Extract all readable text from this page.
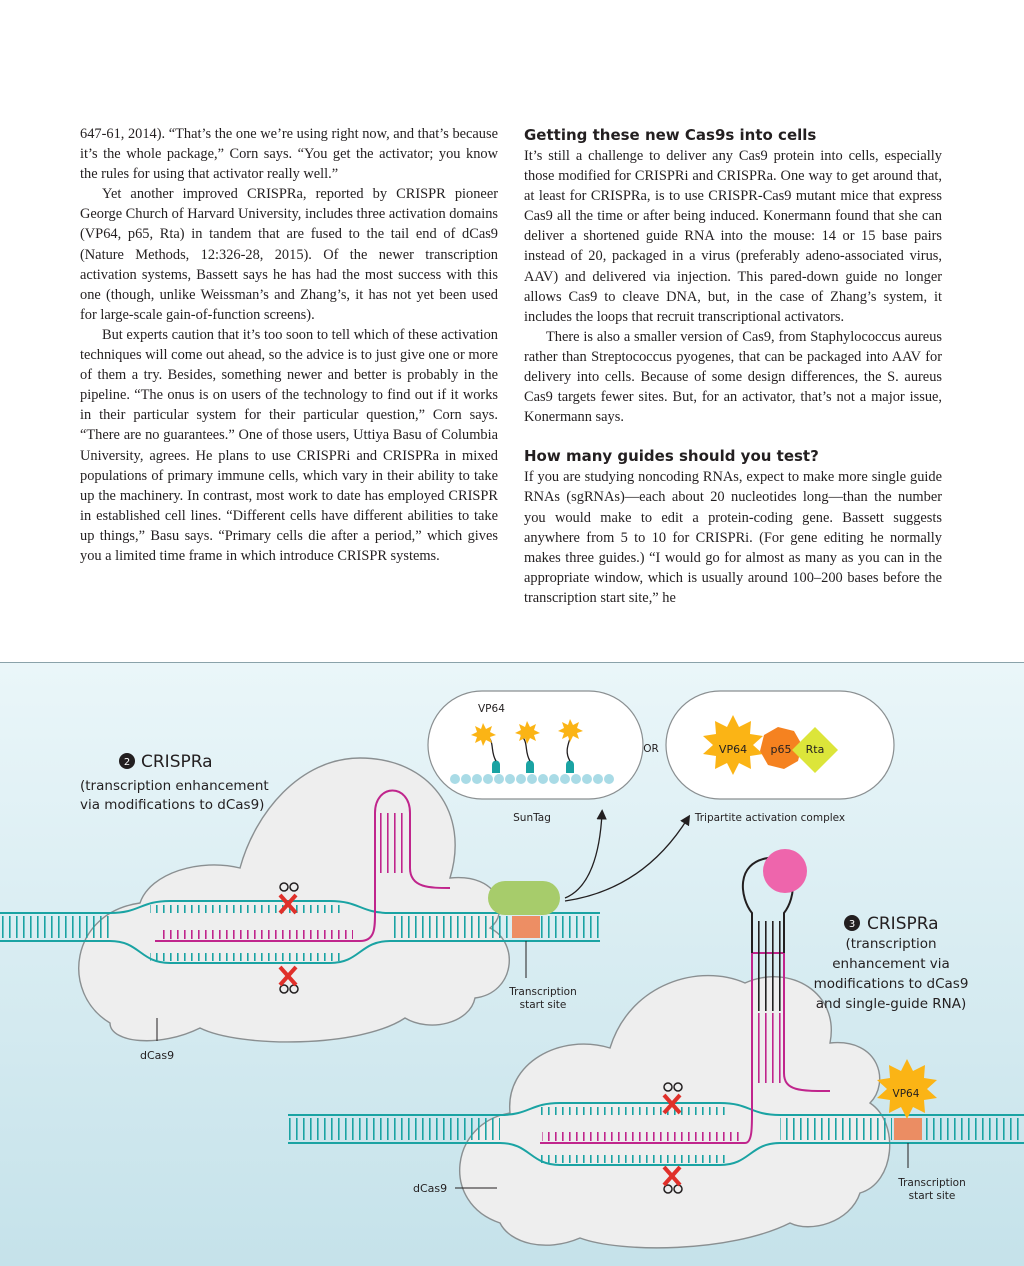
647-61, 2014). “That’s the one we’re using right now, and that’s because it’s the whole package,” Corn says. “You get the activator; you know the rules for using that activator really well.”

Yet another improved CRISPRa, reported by CRISPR pioneer George Church of Harvard University, includes three activation domains (VP64, p65, Rta) in tandem that are fused to the tail end of dCas9 (Nature Methods, 12:326-28, 2015). Of the newer transcription activation systems, Bassett says he has had the most success with this one (though, unlike Weissman’s and Zhang’s, it has not yet been used for large-scale gain-of-function screens).

But experts caution that it’s too soon to tell which of these activation techniques will come out ahead, so the advice is to just give one or more of them a try. Besides, something newer and better is probably in the pipeline. “The onus is on users of the technology to find out if it works in their particular system for their particular question,” Corn says. “There are no guarantees.” One of those users, Uttiya Basu of Columbia University, agrees. He plans to use CRISPRi and CRISPRa in mixed populations of primary immune cells, which vary in their ability to take up the machinery. In contrast, most work to date has employed CRISPR in established cell lines. “Different cells have different abilities to take up things,” Basu says. “Primary cells die after a period,” which gives you a limited time frame in which introduce CRISPR systems.

Getting these new Cas9s into cells

It’s still a challenge to deliver any Cas9 protein into cells, especially those modified for CRISPRi and CRISPRa. One way to get around that, at least for CRISPRa, is to use CRISPR-Cas9 mutant mice that express Cas9 all the time or after being induced. Konermann found that she can deliver a shortened guide RNA into the mouse: 14 or 15 base pairs instead of 20, packaged in a virus (preferably adeno-associated virus, AAV) and delivered via injection. This pared-down guide no longer allows Cas9 to cleave DNA, but, in the case of Zhang’s system, it includes the loops that recruit transcriptional activators.

There is also a smaller version of Cas9, from Staphylococcus aureus rather than Streptococcus pyogenes, that can be packaged into AAV for delivery into cells. Because of some design differences, the S. aureus Cas9 targets fewer sites. But, for an activator, that’s not a major issue, Konermann says.

How many guides should you test?

If you are studying noncoding RNAs, expect to make more single guide RNAs (sgRNAs)—each about 20 nucleotides long—than the number you would make to edit a protein-coding gene. Bassett suggests anywhere from 5 to 10 for CRISPRi. (For gene editing he normally makes three guides.) “I would go for almost as many as you can in the appropriate window, which is usually around 100–200 bases before the transcription start site,” he

2 CRISPRa
(transcription enhancement
via modifications to dCas9)
dCas9
Transcription
start site
VP64
SunTag
OR	VP64 p65 Rta
Tripartite activation complex
VP64
3 CRISPRa
(transcription
enhancement via
modifications to dCas9
and single-guide RNA)
dCas9	Transcription
start site
